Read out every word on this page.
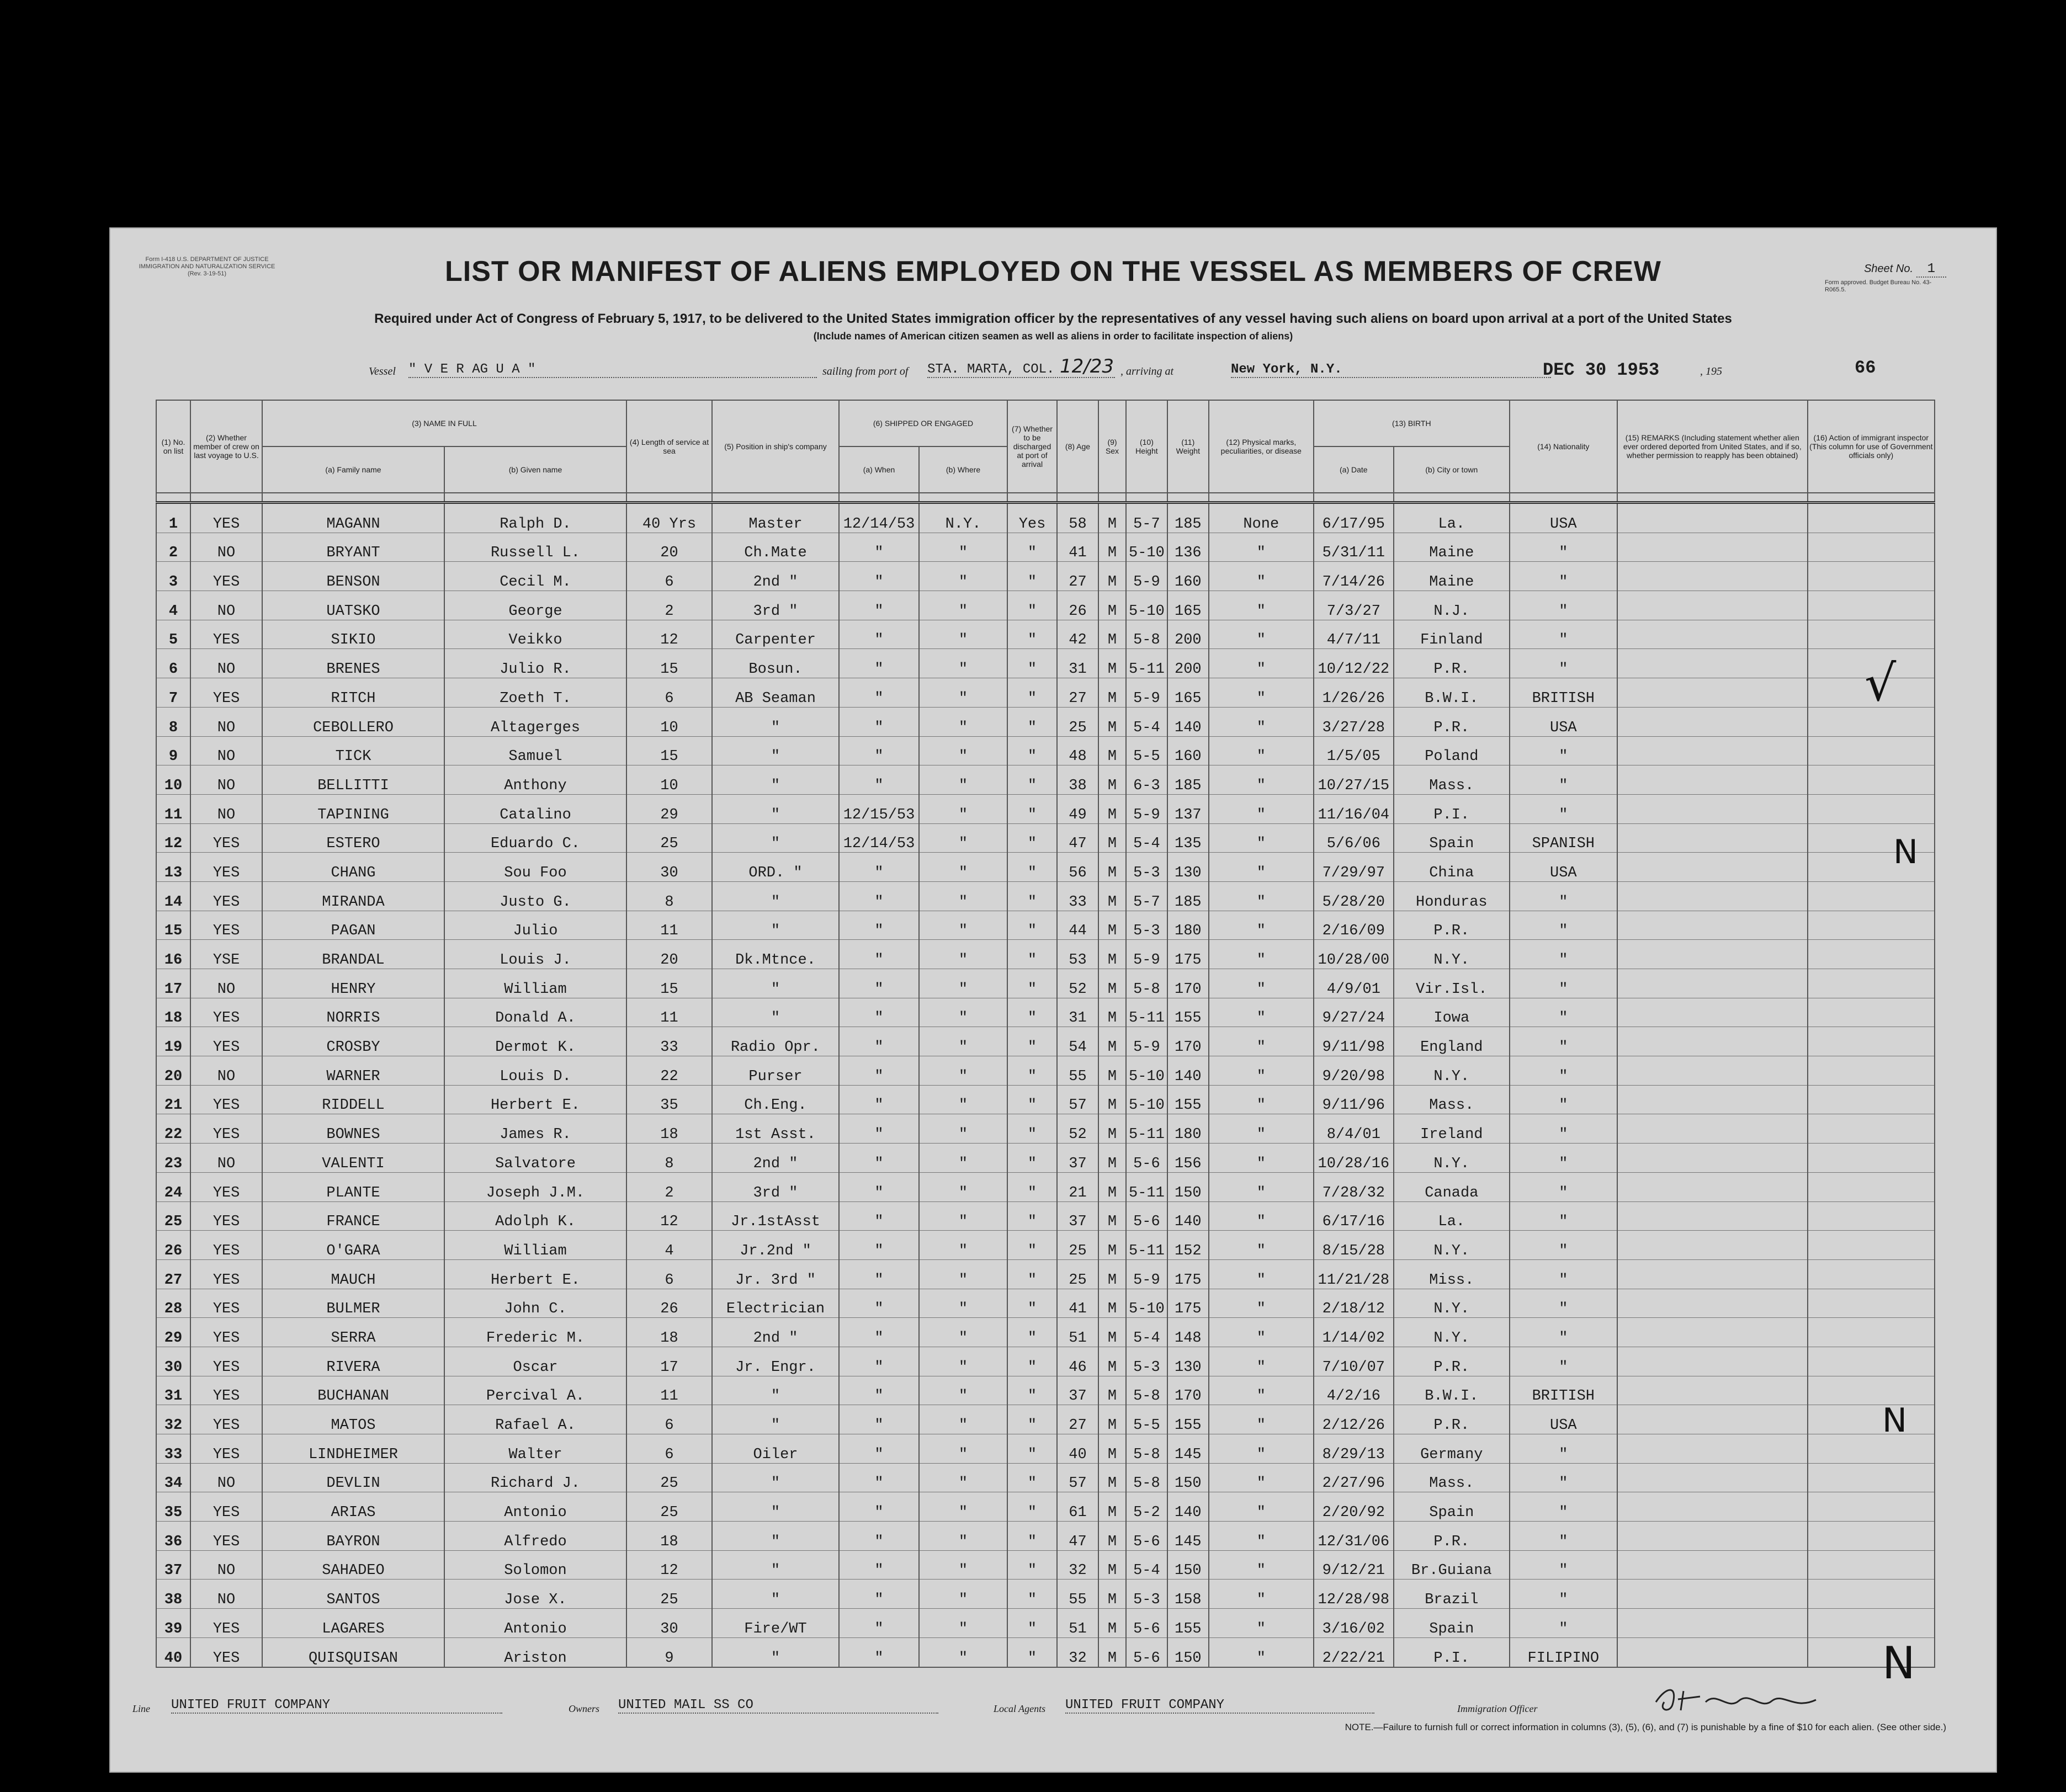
Form I-418 U.S. DEPARTMENT OF JUSTICE IMMIGRATION AND NATURALIZATION SERVICE (Rev. 3-19-51)	LIST OR MANIFEST OF ALIENS EMPLOYED ON THE VESSEL AS MEMBERS OF CREW	Sheet No. 1
Form approved. Budget Bureau No. 43-R065.5.
Required under Act of Congress of February 5, 1917, to be delivered to the United States immigration officer by the representatives of any vessel having such aliens on board upon arrival at a port of the United States
(Include names of American citizen seamen as well as aliens in order to facilitate inspection of aliens)
Vessel " V E R AG U A "	sailing from port of STA. MARTA, COL. 12/23 , arriving at	New York, N.Y.	DEC 30 1953	, 195	66
(1) No. on list	(2) Whether member of crew on last voyage to U.S.	(3) NAME IN FULL		(4) Length of service at sea	(5) Position in ship's company	(6) SHIPPED OR ENGAGED		(7) Whether to be discharged at port of arrival	(8) Age	(9) Sex	(10) Height	(11) Weight	(12) Physical marks, peculiarities, or disease	(13) BIRTH		(14) Nationality	(15) REMARKS (Including statement whether alien ever ordered deported from United States, and if so, whether permission to reapply has been obtained)	(16) Action of immigrant inspector (This column for use of Government officials only)
		(a) Family name	(b) Given name			(a) When	(b) Where							(a) Date	(b) City or town			

1	YES	MAGANN	Ralph D.	40 Yrs	Master	12/14/53	N.Y.	Yes	58	M	5-7	185	None	6/17/95	La.	USA		
2	NO	BRYANT	Russell L.	20	Ch.Mate	"	"	"	41	M	5-10	136	"	5/31/11	Maine	"		
3	YES	BENSON	Cecil M.	6	2nd "	"	"	"	27	M	5-9	160	"	7/14/26	Maine	"		
4	NO	UATSKO	George	2	3rd "	"	"	"	26	M	5-10	165	"	7/3/27	N.J.	"		
5	YES	SIKIO	Veikko	12	Carpenter	"	"	"	42	M	5-8	200	"	4/7/11	Finland	"		
6	NO	BRENES	Julio R.	15	Bosun.	"	"	"	31	M	5-11	200	"	10/12/22	P.R.	"		
7	YES	RITCH	Zoeth T.	6	AB Seaman	"	"	"	27	M	5-9	165	"	1/26/26	B.W.I.	BRITISH		
8	NO	CEBOLLERO	Altagerges	10	"	"	"	"	25	M	5-4	140	"	3/27/28	P.R.	USA		
9	NO	TICK	Samuel	15	"	"	"	"	48	M	5-5	160	"	1/5/05	Poland	"		
10	NO	BELLITTI	Anthony	10	"	"	"	"	38	M	6-3	185	"	10/27/15	Mass.	"		
11	NO	TAPINING	Catalino	29	"	12/15/53	"	"	49	M	5-9	137	"	11/16/04	P.I.	"		
12	YES	ESTERO	Eduardo C.	25	"	12/14/53	"	"	47	M	5-4	135	"	5/6/06	Spain	SPANISH		
13	YES	CHANG	Sou Foo	30	ORD. "	"	"	"	56	M	5-3	130	"	7/29/97	China	USA		
14	YES	MIRANDA	Justo G.	8	"	"	"	"	33	M	5-7	185	"	5/28/20	Honduras	"		
15	YES	PAGAN	Julio	11	"	"	"	"	44	M	5-3	180	"	2/16/09	P.R.	"		
16	YSE	BRANDAL	Louis J.	20	Dk.Mtnce.	"	"	"	53	M	5-9	175	"	10/28/00	N.Y.	"		
17	NO	HENRY	William	15	"	"	"	"	52	M	5-8	170	"	4/9/01	Vir.Isl.	"		
18	YES	NORRIS	Donald A.	11	"	"	"	"	31	M	5-11	155	"	9/27/24	Iowa	"		
19	YES	CROSBY	Dermot K.	33	Radio Opr.	"	"	"	54	M	5-9	170	"	9/11/98	England	"		
20	NO	WARNER	Louis D.	22	Purser	"	"	"	55	M	5-10	140	"	9/20/98	N.Y.	"		
21	YES	RIDDELL	Herbert E.	35	Ch.Eng.	"	"	"	57	M	5-10	155	"	9/11/96	Mass.	"		
22	YES	BOWNES	James R.	18	1st Asst.	"	"	"	52	M	5-11	180	"	8/4/01	Ireland	"		
23	NO	VALENTI	Salvatore	8	2nd "	"	"	"	37	M	5-6	156	"	10/28/16	N.Y.	"		
24	YES	PLANTE	Joseph J.M.	2	3rd "	"	"	"	21	M	5-11	150	"	7/28/32	Canada	"		
25	YES	FRANCE	Adolph K.	12	Jr.1stAsst	"	"	"	37	M	5-6	140	"	6/17/16	La.	"		
26	YES	O'GARA	William	4	Jr.2nd "	"	"	"	25	M	5-11	152	"	8/15/28	N.Y.	"		
27	YES	MAUCH	Herbert E.	6	Jr. 3rd "	"	"	"	25	M	5-9	175	"	11/21/28	Miss.	"		
28	YES	BULMER	John C.	26	Electrician	"	"	"	41	M	5-10	175	"	2/18/12	N.Y.	"		
29	YES	SERRA	Frederic M.	18	2nd "	"	"	"	51	M	5-4	148	"	1/14/02	N.Y.	"		
30	YES	RIVERA	Oscar	17	Jr. Engr.	"	"	"	46	M	5-3	130	"	7/10/07	P.R.	"		
31	YES	BUCHANAN	Percival A.	11	"	"	"	"	37	M	5-8	170	"	4/2/16	B.W.I.	BRITISH		
32	YES	MATOS	Rafael A.	6	"	"	"	"	27	M	5-5	155	"	2/12/26	P.R.	USA		
33	YES	LINDHEIMER	Walter	6	Oiler	"	"	"	40	M	5-8	145	"	8/29/13	Germany	"		
34	NO	DEVLIN	Richard J.	25	"	"	"	"	57	M	5-8	150	"	2/27/96	Mass.	"		
35	YES	ARIAS	Antonio	25	"	"	"	"	61	M	5-2	140	"	2/20/92	Spain	"		
36	YES	BAYRON	Alfredo	18	"	"	"	"	47	M	5-6	145	"	12/31/06	P.R.	"		
37	NO	SAHADEO	Solomon	12	"	"	"	"	32	M	5-4	150	"	9/12/21	Br.Guiana	"		
38	NO	SANTOS	Jose X.	25	"	"	"	"	55	M	5-3	158	"	12/28/98	Brazil	"		
39	YES	LAGARES	Antonio	30	Fire/WT	"	"	"	51	M	5-6	155	"	3/16/02	Spain	"		
40	YES	QUISQUISAN	Ariston	9	"	"	"	"	32	M	5-6	150	"	2/22/21	P.I.	FILIPINO		
√
N
N
N
Line UNITED FRUIT COMPANY	Owners UNITED MAIL SS CO	Local Agents UNITED FRUIT COMPANY	Immigration Officer
NOTE.—Failure to furnish full or correct information in columns (3), (5), (6), and (7) is punishable by a fine of $10 for each alien. (See other side.)
